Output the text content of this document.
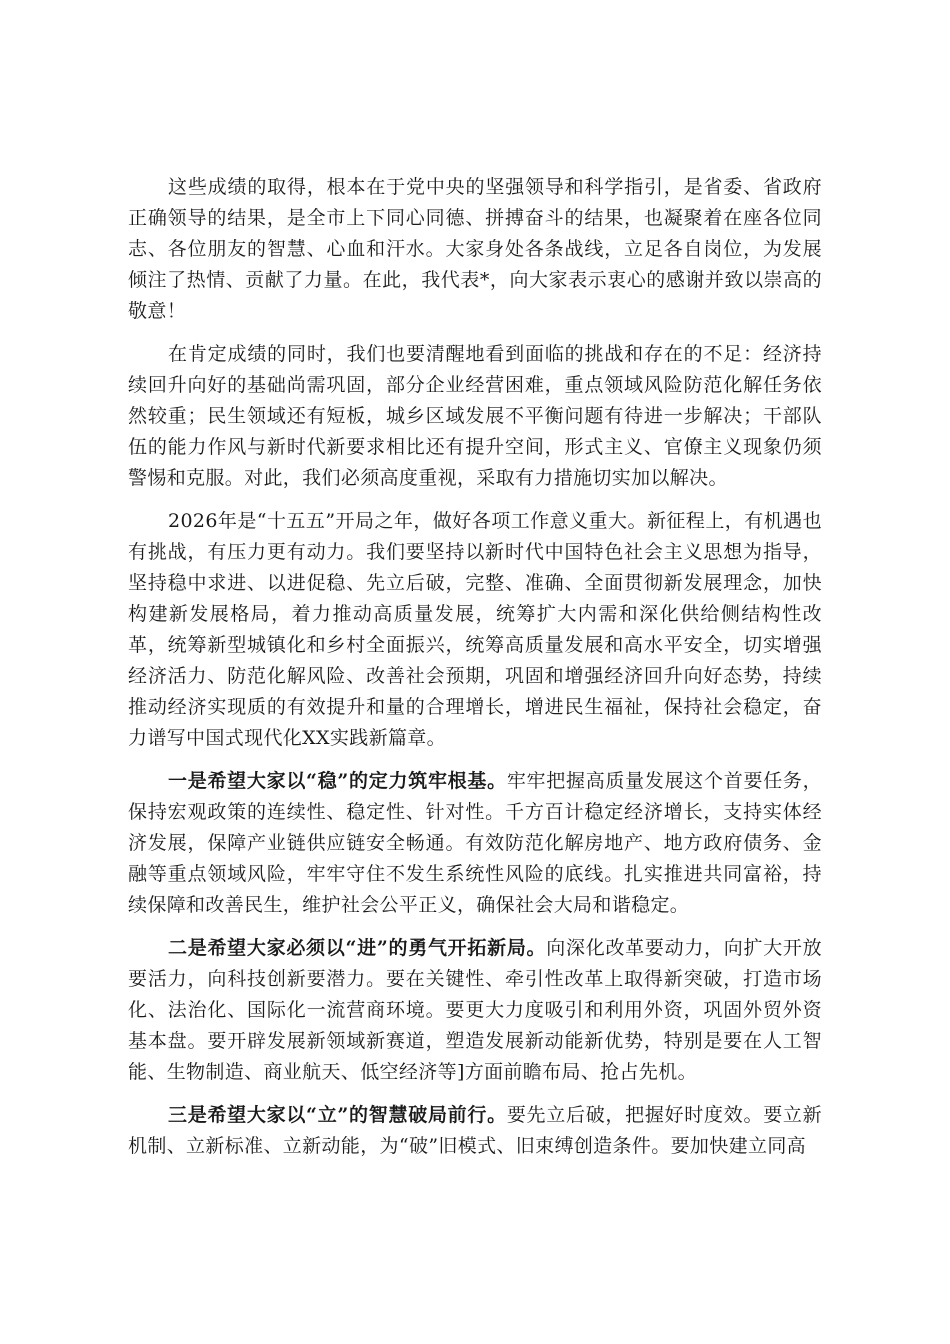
这些成绩的取得，根本在于党中央的坚强领导和科学指引，是省委、省政府正确领导的结果，是全市上下同心同德、拼搏奋斗的结果，也凝聚着在座各位同志、各位朋友的智慧、心血和汗水。大家身处各条战线，立足各自岗位，为发展倾注了热情、贡献了力量。在此，我代表*，向大家表示衷心的感谢并致以崇高的敬意！

在肯定成绩的同时，我们也要清醒地看到面临的挑战和存在的不足：经济持续回升向好的基础尚需巩固，部分企业经营困难，重点领域风险防范化解任务依然较重；民生领域还有短板，城乡区域发展不平衡问题有待进一步解决；干部队伍的能力作风与新时代新要求相比还有提升空间，形式主义、官僚主义现象仍须警惕和克服。对此，我们必须高度重视，采取有力措施切实加以解决。

2026年是“十五五”开局之年，做好各项工作意义重大。新征程上，有机遇也有挑战，有压力更有动力。我们要坚持以新时代中国特色社会主义思想为指导，坚持稳中求进、以进促稳、先立后破，完整、准确、全面贯彻新发展理念，加快构建新发展格局，着力推动高质量发展，统筹扩大内需和深化供给侧结构性改革，统筹新型城镇化和乡村全面振兴，统筹高质量发展和高水平安全，切实增强经济活力、防范化解风险、改善社会预期，巩固和增强经济回升向好态势，持续推动经济实现质的有效提升和量的合理增长，增进民生福祉，保持社会稳定，奋力谱写中国式现代化XX实践新篇章。

一是希望大家以“稳”的定力筑牢根基。牢牢把握高质量发展这个首要任务，保持宏观政策的连续性、稳定性、针对性。千方百计稳定经济增长，支持实体经济发展，保障产业链供应链安全畅通。有效防范化解房地产、地方政府债务、金融等重点领域风险，牢牢守住不发生系统性风险的底线。扎实推进共同富裕，持续保障和改善民生，维护社会公平正义，确保社会大局和谐稳定。

二是希望大家必须以“进”的勇气开拓新局。向深化改革要动力，向扩大开放要活力，向科技创新要潜力。要在关键性、牵引性改革上取得新突破，打造市场化、法治化、国际化一流营商环境。要更大力度吸引和利用外资，巩固外贸外资基本盘。要开辟发展新领域新赛道，塑造发展新动能新优势，特别是要在人工智能、生物制造、商业航天、低空经济等]方面前瞻布局、抢占先机。

三是希望大家以“立”的智慧破局前行。要先立后破，把握好时度效。要立新机制、立新标准、立新动能，为“破”旧模式、旧束缚创造条件。要加快建立同高
